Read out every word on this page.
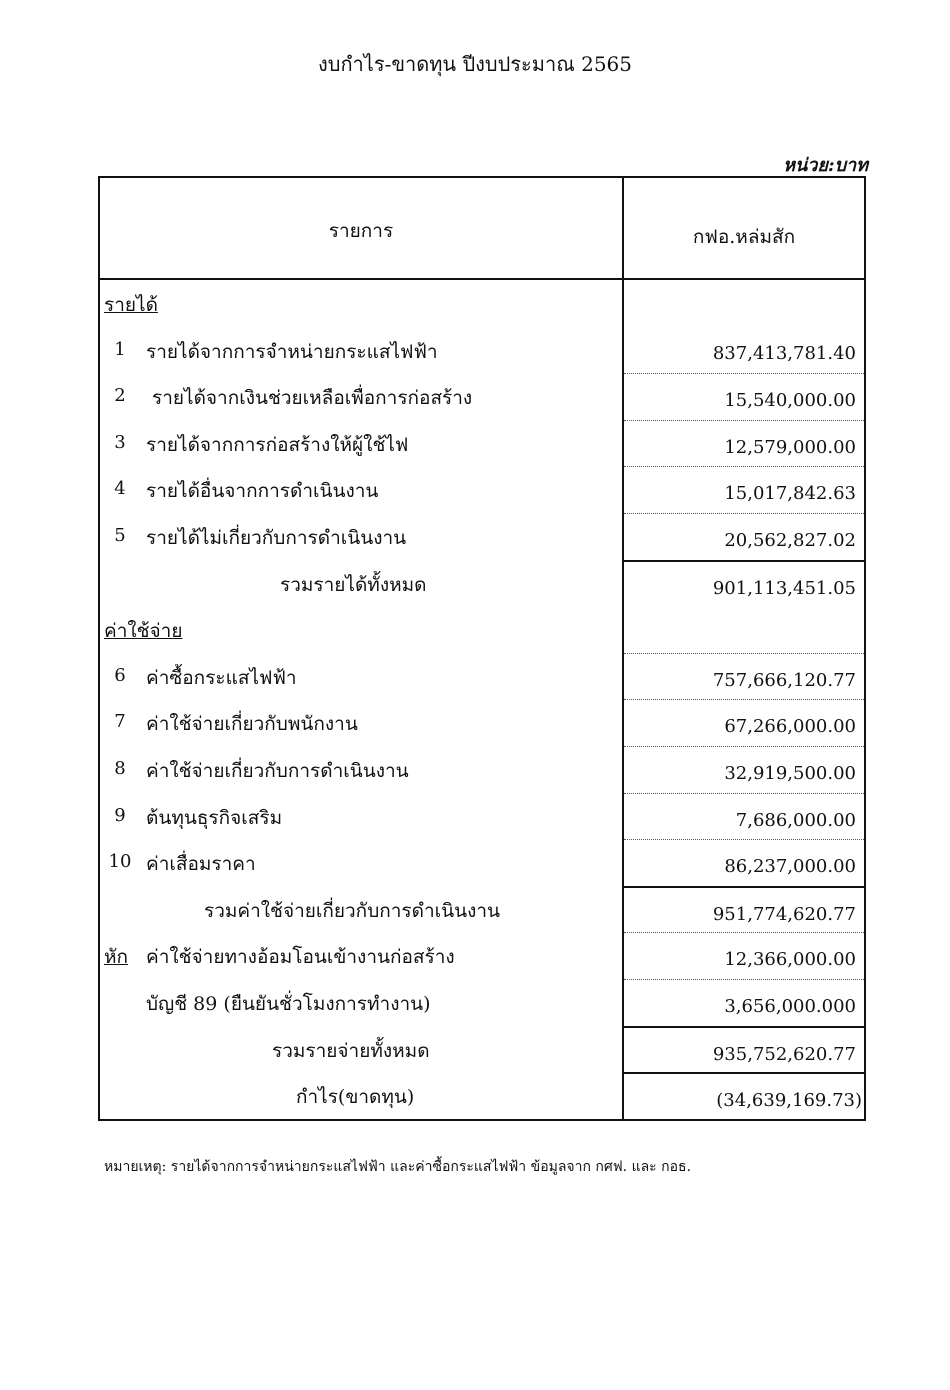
งบกำไร-ขาดทุน ปีงบประมาณ 2565
หน่วย:บาท
รายการ	กฟอ.หล่มสัก
รายได้
1	รายได้จากการจำหน่ายกระแสไฟฟ้า	837,413,781.40
2	รายได้จากเงินช่วยเหลือเพื่อการก่อสร้าง	15,540,000.00
3	รายได้จากการก่อสร้างให้ผู้ใช้ไฟ	12,579,000.00
4	รายได้อื่นจากการดำเนินงาน	15,017,842.63
5	รายได้ไม่เกี่ยวกับการดำเนินงาน	20,562,827.02
รวมรายได้ทั้งหมด	901,113,451.05
ค่าใช้จ่าย
6	ค่าซื้อกระแสไฟฟ้า	757,666,120.77
7	ค่าใช้จ่ายเกี่ยวกับพนักงาน	67,266,000.00
8	ค่าใช้จ่ายเกี่ยวกับการดำเนินงาน	32,919,500.00
9	ต้นทุนธุรกิจเสริม	7,686,000.00
10 ค่าเสื่อมราคา	86,237,000.00
รวมค่าใช้จ่ายเกี่ยวกับการดำเนินงาน	951,774,620.77
หัก ค่าใช้จ่ายทางอ้อมโอนเข้างานก่อสร้าง	12,366,000.00
บัญชี 89 (ยืนยันชั่วโมงการทำงาน)	3,656,000.000
รวมรายจ่ายทั้งหมด	935,752,620.77
กำไร(ขาดทุน)	(34,639,169.73)
หมายเหตุ: รายได้จากการจำหน่ายกระแสไฟฟ้า และค่าซื้อกระแสไฟฟ้า ข้อมูลจาก กศฟ. และ กอธ.
